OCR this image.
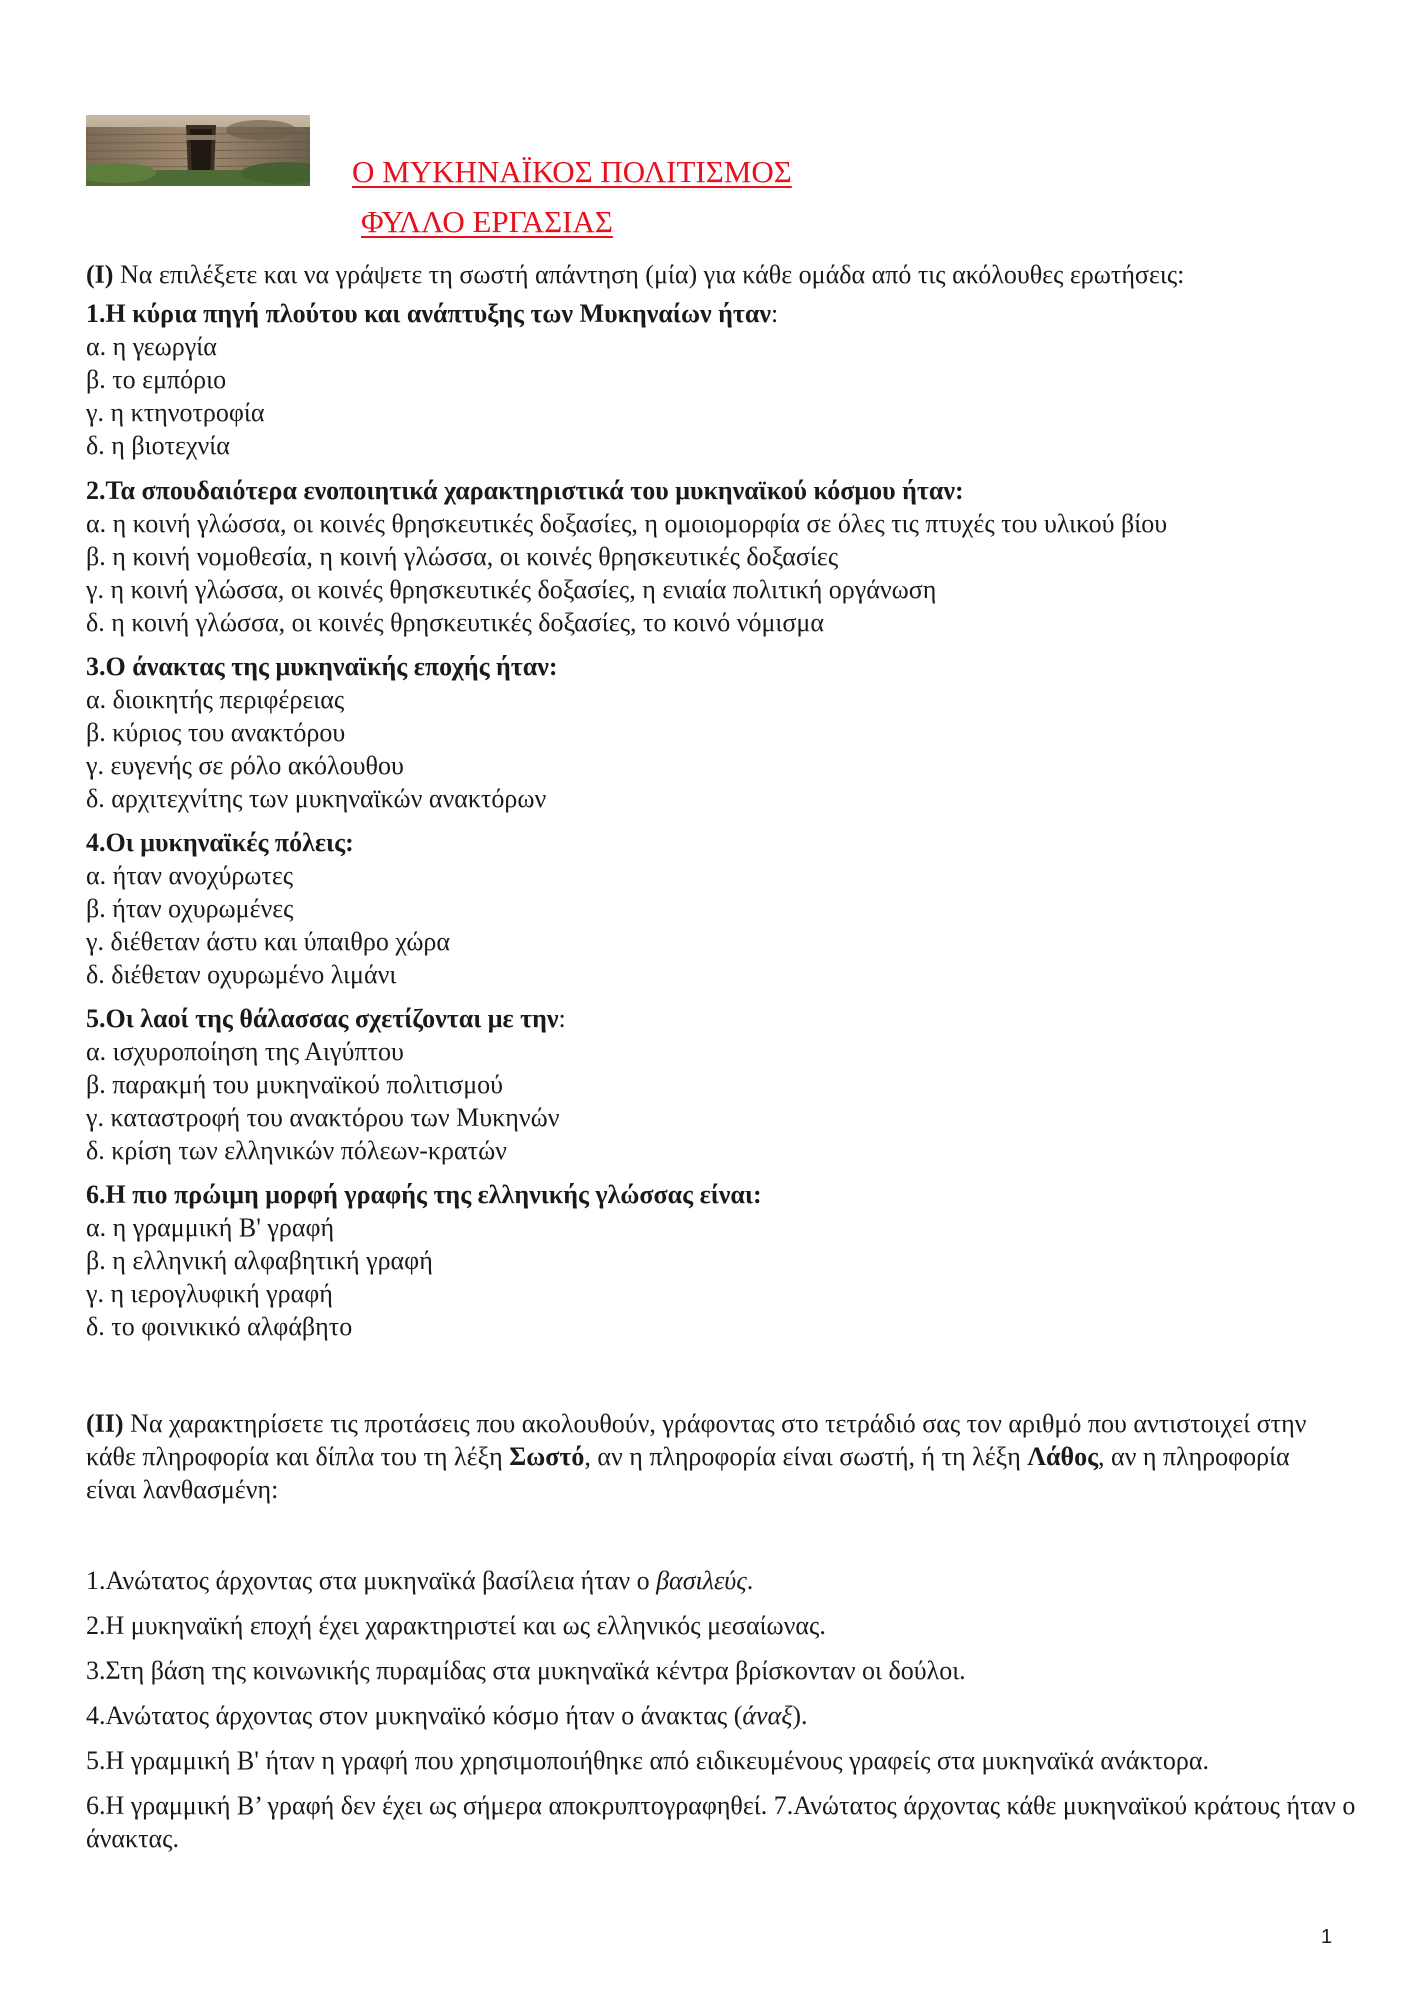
Ο ΜΥΚΗΝΑΪΚΟΣ ΠΟΛΙΤΙΣΜΟΣ
ΦΥΛΛΟ ΕΡΓΑΣΙΑΣ
(Ι) Να επιλέξετε και να γράψετε τη σωστή απάντηση (μία) για κάθε ομάδα από τις ακόλουθες ερωτήσεις:
1.Η κύρια πηγή πλούτου και ανάπτυξης των Μυκηναίων ήταν:
α. η γεωργία
β. το εμπόριο
γ. η κτηνοτροφία
δ. η βιοτεχνία
2.Τα σπουδαιότερα ενοποιητικά χαρακτηριστικά του μυκηναϊκού κόσμου ήταν:
α. η κοινή γλώσσα, οι κοινές θρησκευτικές δοξασίες, η ομοιομορφία σε όλες τις πτυχές του υλικού βίου
β. η κοινή νομοθεσία, η κοινή γλώσσα, οι κοινές θρησκευτικές δοξασίες
γ. η κοινή γλώσσα, οι κοινές θρησκευτικές δοξασίες, η ενιαία πολιτική οργάνωση
δ. η κοινή γλώσσα, οι κοινές θρησκευτικές δοξασίες, το κοινό νόμισμα
3.Ο άνακτας της μυκηναϊκής εποχής ήταν:
α. διοικητής περιφέρειας
β. κύριος του ανακτόρου
γ. ευγενής σε ρόλο ακόλουθου
δ. αρχιτεχνίτης των μυκηναϊκών ανακτόρων
4.Οι μυκηναϊκές πόλεις:
α. ήταν ανοχύρωτες
β. ήταν οχυρωμένες
γ. διέθεταν άστυ και ύπαιθρο χώρα
δ. διέθεταν οχυρωμένο λιμάνι
5.Οι λαοί της θάλασσας σχετίζονται με την:
α. ισχυροποίηση της Αιγύπτου
β. παρακμή του μυκηναϊκού πολιτισμού
γ. καταστροφή του ανακτόρου των Μυκηνών
δ. κρίση των ελληνικών πόλεων-κρατών
6.Η πιο πρώιμη μορφή γραφής της ελληνικής γλώσσας είναι:
α. η γραμμική Β' γραφή
β. η ελληνική αλφαβητική γραφή
γ. η ιερογλυφική γραφή
δ. το φοινικικό αλφάβητο
(ΙΙ) Να χαρακτηρίσετε τις προτάσεις που ακολουθούν, γράφοντας στο τετράδιό σας τον αριθμό που αντιστοιχεί στην κάθε πληροφορία και δίπλα του τη λέξη Σωστό, αν η πληροφορία είναι σωστή, ή τη λέξη Λάθος, αν η πληροφορία είναι λανθασμένη:
1.Ανώτατος άρχοντας στα μυκηναϊκά βασίλεια ήταν ο βασιλεύς.
2.Η μυκηναϊκή εποχή έχει χαρακτηριστεί και ως ελληνικός μεσαίωνας.
3.Στη βάση της κοινωνικής πυραμίδας στα μυκηναϊκά κέντρα βρίσκονταν οι δούλοι.
4.Ανώτατος άρχοντας στον μυκηναϊκό κόσμο ήταν ο άνακτας (άναξ).
5.Η γραμμική Β' ήταν η γραφή που χρησιμοποιήθηκε από ειδικευμένους γραφείς στα μυκηναϊκά ανάκτορα.
6.Η γραμμική Β’ γραφή δεν έχει ως σήμερα αποκρυπτογραφηθεί. 7.Ανώτατος άρχοντας κάθε μυκηναϊκού κράτους ήταν ο άνακτας.
1
